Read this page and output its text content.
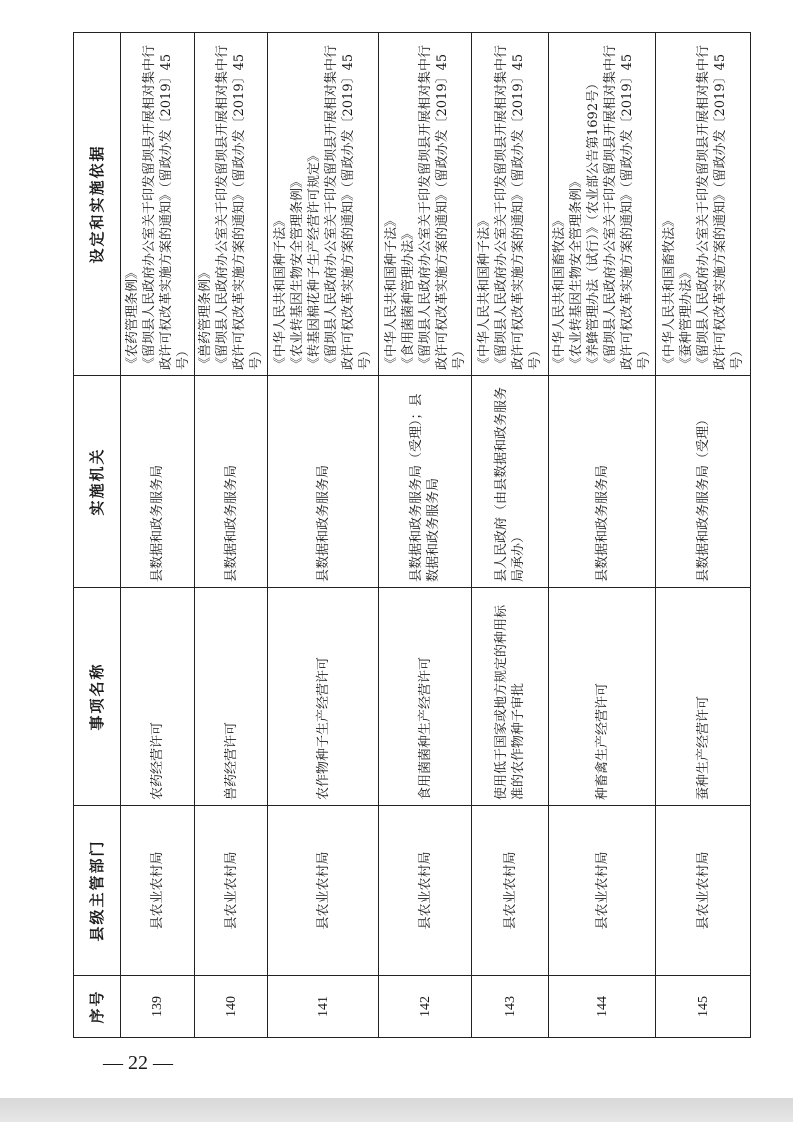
— 22 —
序号	县级主管部门	事项名称	实施机关	设定和实施依据
139	县农业农村局	农药经营许可	县数据和政务服务局	《农药管理条例》 《留坝县人民政府办公室关于印发留坝县开展相对集中行政许可权改革实施方案的通知》（留政办发〔2019〕45号）

140	县农业农村局	兽药经营许可	县数据和政务服务局	《兽药管理条例》 《留坝县人民政府办公室关于印发留坝县开展相对集中行政许可权改革实施方案的通知》（留政办发〔2019〕45号）

141	县农业农村局	农作物种子生产经营许可	县数据和政务服务局	《中华人民共和国种子法》 《农业转基因生物安全管理条例》 《转基因棉花种子生产经营许可规定》 《留坝县人民政府办公室关于印发留坝县开展相对集中行政许可权改革实施方案的通知》（留政办发〔2019〕45号）

142	县农业农村局	食用菌菌种生产经营许可	县数据和政务服务局（受理）；县数据和政务服务局	《中华人民共和国种子法》 《食用菌菌种管理办法》 《留坝县人民政府办公室关于印发留坝县开展相对集中行政许可权改革实施方案的通知》（留政办发〔2019〕45号）

143	县农业农村局	使用低于国家或地方规定的种用标准的农作物种子审批	县人民政府（由县数据和政务服务局承办）	《中华人民共和国种子法》 《留坝县人民政府办公室关于印发留坝县开展相对集中行政许可权改革实施方案的通知》（留政办发〔2019〕45号）

144	县农业农村局	种畜禽生产经营许可	县数据和政务服务局	《中华人民共和国畜牧法》 《农业转基因生物安全管理条例》 《养蜂管理办法（试行）》（农业部公告第1692号） 《留坝县人民政府办公室关于印发留坝县开展相对集中行政许可权改革实施方案的通知》（留政办发〔2019〕45号）

145	县农业农村局	蚕种生产经营许可	县数据和政务服务局（受理）	《中华人民共和国畜牧法》 《蚕种管理办法》 《留坝县人民政府办公室关于印发留坝县开展相对集中行政许可权改革实施方案的通知》（留政办发〔2019〕45号）
